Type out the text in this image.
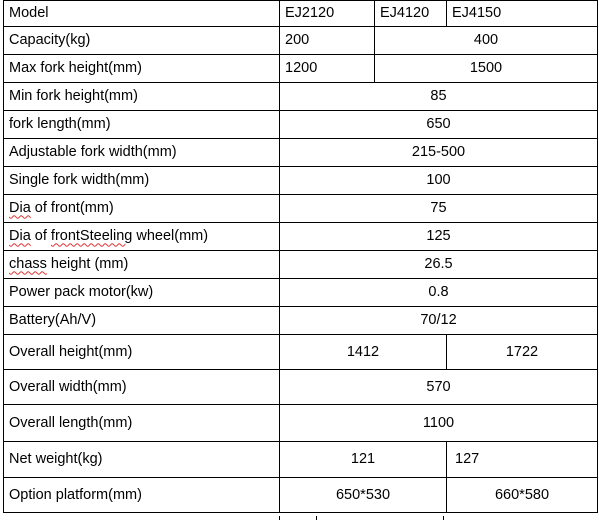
Model	EJ2120	EJ4120	EJ4150
Capacity(kg)	200	400	
Max fork height(mm)	1200	1500	
Min fork height(mm)	85		
fork length(mm)	650		
Adjustable fork width(mm)	215-500		
Single fork width(mm)	100		
Dia of front(mm)	75		
Dia of frontSteeling wheel(mm)	125		
chass height (mm)	26.5		
Power pack motor(kw)	0.8		
Battery(Ah/V)	70/12		
Overall height(mm)	1412		1722
Overall width(mm)	570		
Overall length(mm)	1100		
Net weight(kg)	121		127
Option platform(mm)	650*530		660*580
